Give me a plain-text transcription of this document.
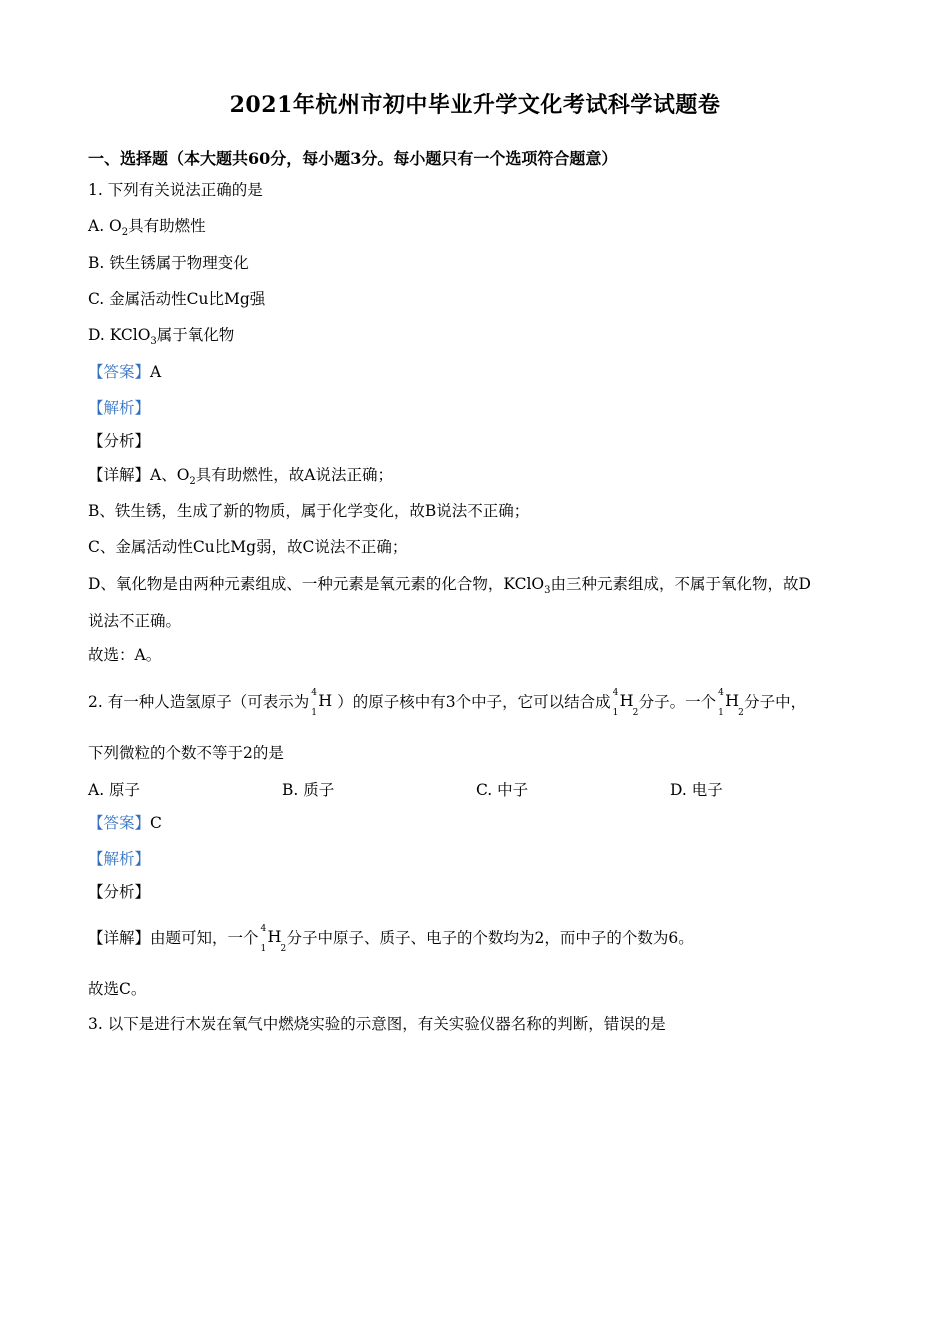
2021年杭州市初中毕业升学文化考试科学试题卷
一、选择题（本大题共60分，每小题3分。每小题只有一个选项符合题意）
1. 下列有关说法正确的是
A. $O_2$具有助燃性
B. 铁生锈属于物理变化
C. 金属活动性Cu比Mg强
D. KClO$_3$属于氧化物
【答案】A
【解析】
【分析】
【详解】A、$O_2$具有助燃性，故A说法正确；
B、铁生锈，生成了新的物质，属于化学变化，故B说法不正确；
C、金属活动性Cu比Mg弱，故C说法不正确；
D、氧化物是由两种元素组成、一种元素是氧元素的化合物，KClO$_3$由三种元素组成，不属于氧化物，故D
说法不正确。
故选：A。
2. 有一种人造氢原子（可表示为 4
1
H ）的原子核中有3个中子，它可以结合成 4
1
H
2
分子。一个 4
1
H
2
分子中，
下列微粒的个数不等于2的是
A. 原子	B. 质子	C. 中子	D. 电子
【答案】C
【解析】
【分析】
【详解】由题可知，一个 4
1
H
2
分子中原子、质子、电子的个数均为2，而中子的个数为6。
故选C。
3. 以下是进行木炭在氧气中燃烧实验的示意图，有关实验仪器名称的判断，错误的是
